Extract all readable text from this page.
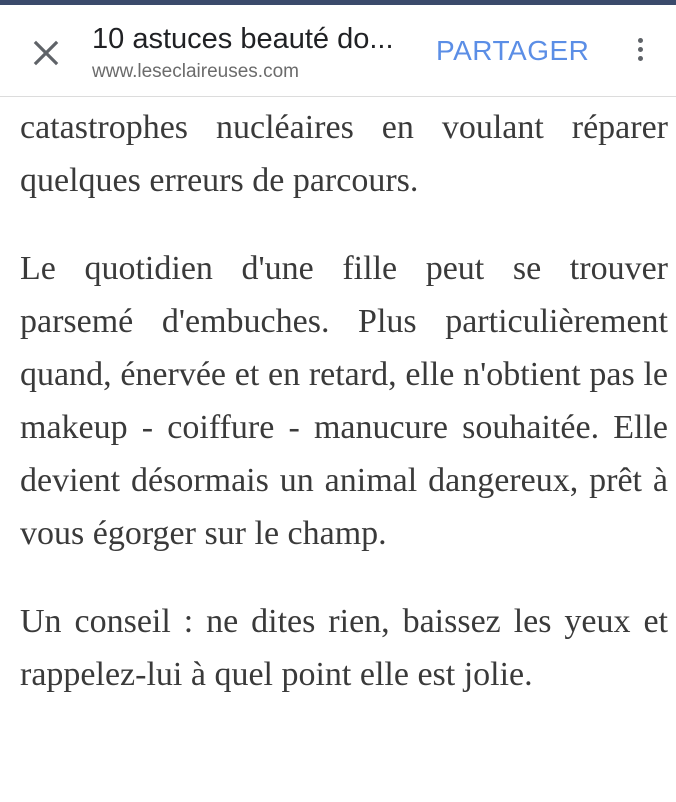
10 astuces beauté do...
www.leseclaireuses.com
PARTAGER

catastrophes nucléaires en voulant réparer quelques erreurs de parcours.

Le quotidien d'une fille peut se trouver parsemé d'embuches. Plus particulièrement quand, énervée et en retard, elle n'obtient pas le makeup - coiffure - manucure souhaitée. Elle devient désormais un animal dangereux, prêt à vous égorger sur le champ.

Un conseil : ne dites rien, baissez les yeux et rappelez-lui à quel point elle est jolie.
